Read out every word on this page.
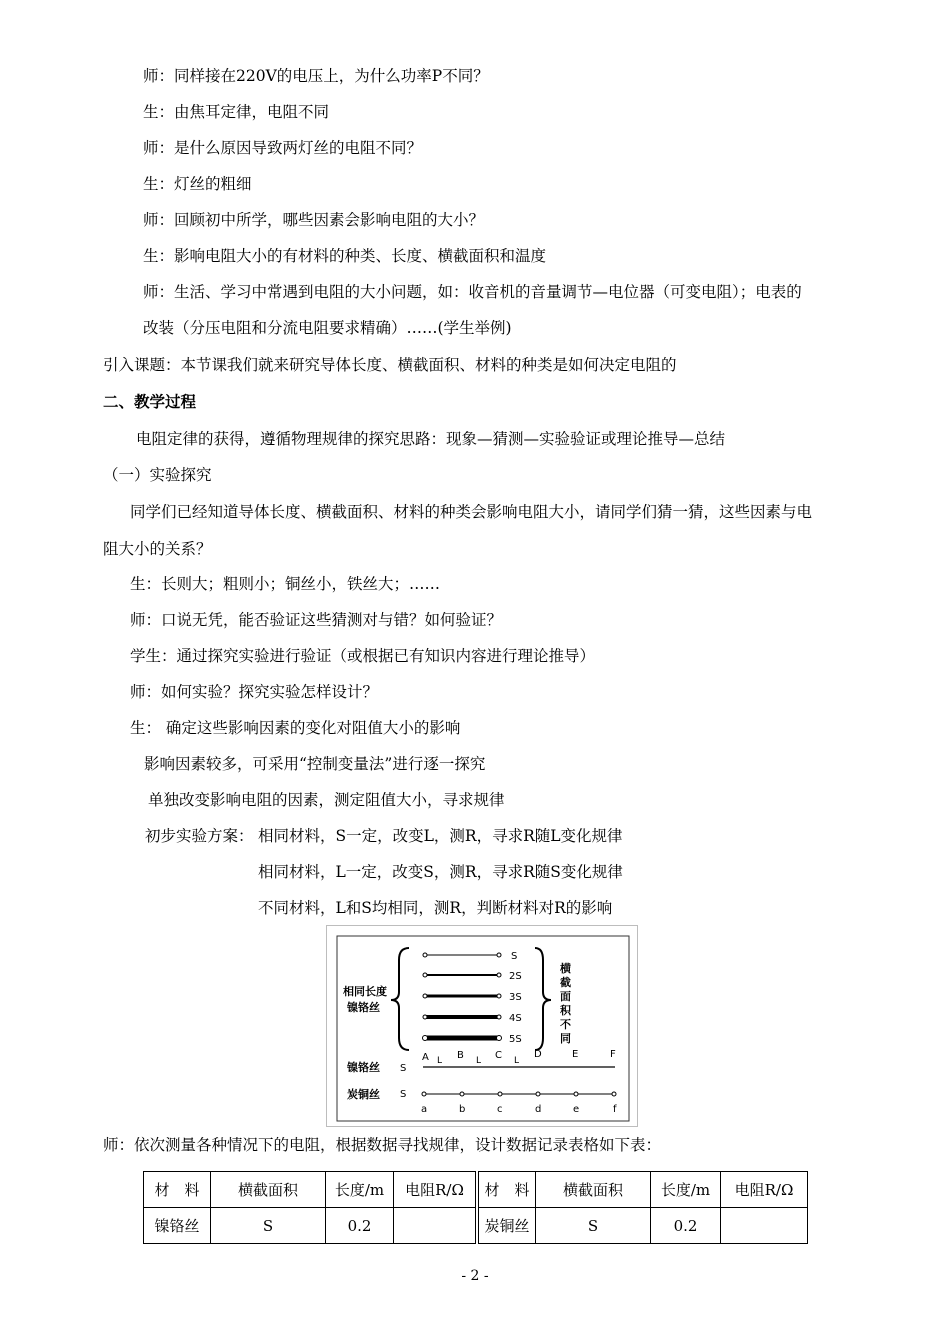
师：同样接在220V的电压上，为什么功率P不同？
生：由焦耳定律，电阻不同
师：是什么原因导致两灯丝的电阻不同？
生：灯丝的粗细
师：回顾初中所学，哪些因素会影响电阻的大小？
生：影响电阻大小的有材料的种类、长度、横截面积和温度
师：生活、学习中常遇到电阻的大小问题，如：收音机的音量调节—电位器（可变电阻）；电表的
改装（分压电阻和分流电阻要求精确）……(学生举例)
引入课题：本节课我们就来研究导体长度、横截面积、材料的种类是如何决定电阻的
二、教学过程
电阻定律的获得，遵循物理规律的探究思路：现象—猜测—实验验证或理论推导—总结
（一）实验探究
同学们已经知道导体长度、横截面积、材料的种类会影响电阻大小，请同学们猜一猜，这些因素与电
阻大小的关系？
生：长则大；粗则小；铜丝小，铁丝大；……
师：口说无凭，能否验证这些猜测对与错？如何验证？
学生：通过探究实验进行验证（或根据已有知识内容进行理论推导）
师：如何实验？探究实验怎样设计？
生： 确定这些影响因素的变化对阻值大小的影响
影响因素较多，可采用“控制变量法”进行逐一探究
单独改变影响电阻的因素，测定阻值大小，寻求规律
初步实验方案： 相同材料，S一定，改变L，测R，寻求R随L变化规律
相同材料，L一定，改变S，测R，寻求R随S变化规律
不同材料，L和S均相同，测R，判断材料对R的影响
相同长度
镍铬丝
S
2S
3S
4S
5S
横
截
面
积
不
同
镍铬丝 S
A	B	C	D	E	F
L	L	L
炭铜丝 S
a	b	c	d	e	f
师：依次测量各种情况下的电阻，根据数据寻找规律，设计数据记录表格如下表：
材　料	横截面积	长度/m	电阻R/Ω	材　料	横截面积	长度/m	电阻R/Ω
镍铬丝	S	0.2		炭铜丝	S	0.2	
- 2 -
